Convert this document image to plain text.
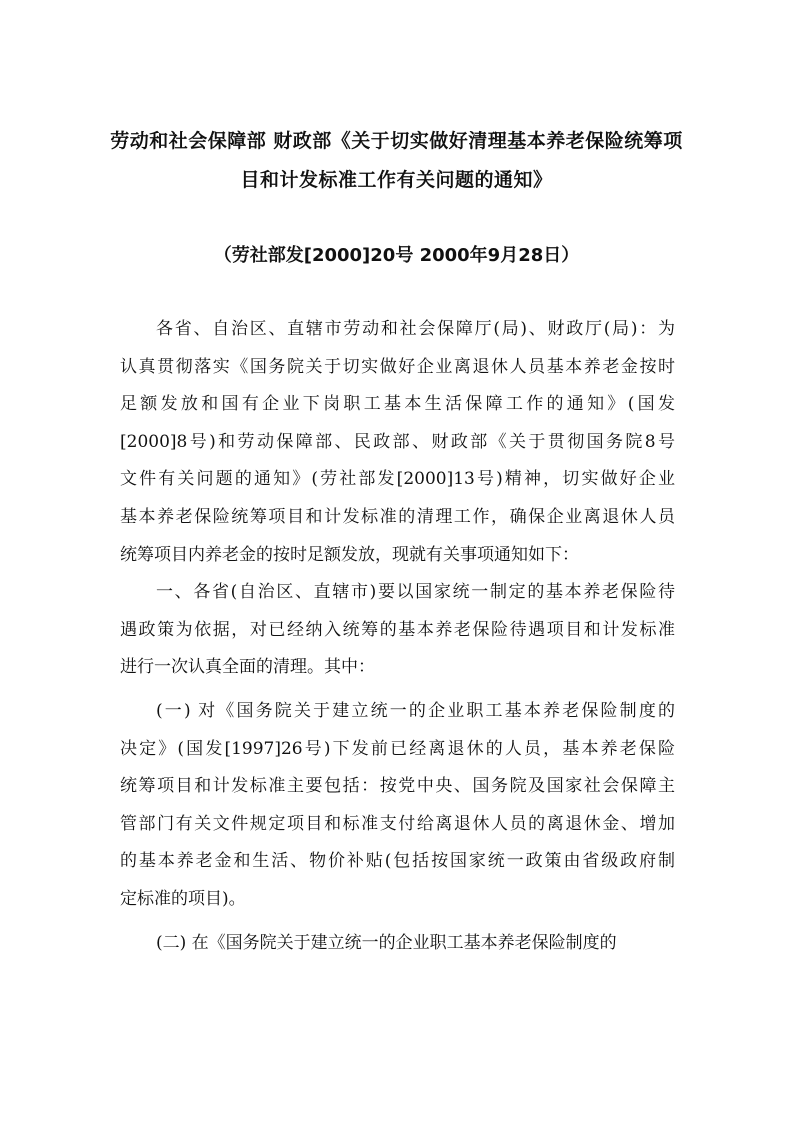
劳动和社会保障部 财政部《关于切实做好清理基本养老保险统筹项
目和计发标准工作有关问题的通知》
（劳社部发[2000]20号 2000年9月28日）
各省、自治区、直辖市劳动和社会保障厅(局)、财政厅(局)：为
认真贯彻落实《国务院关于切实做好企业离退休人员基本养老金按时
足额发放和国有企业下岗职工基本生活保障工作的通知》(国发
[2000]8号)和劳动保障部、民政部、财政部《关于贯彻国务院8号
文件有关问题的通知》(劳社部发[2000]13号)精神，切实做好企业
基本养老保险统筹项目和计发标准的清理工作，确保企业离退休人员
统筹项目内养老金的按时足额发放，现就有关事项通知如下：
一、各省(自治区、直辖市)要以国家统一制定的基本养老保险待
遇政策为依据，对已经纳入统筹的基本养老保险待遇项目和计发标准
进行一次认真全面的清理。其中：
(一) 对《国务院关于建立统一的企业职工基本养老保险制度的
决定》(国发[1997]26号)下发前已经离退休的人员，基本养老保险
统筹项目和计发标准主要包括：按党中央、国务院及国家社会保障主
管部门有关文件规定项目和标准支付给离退休人员的离退休金、增加
的基本养老金和生活、物价补贴(包括按国家统一政策由省级政府制
定标准的项目)。
(二) 在《国务院关于建立统一的企业职工基本养老保险制度的
